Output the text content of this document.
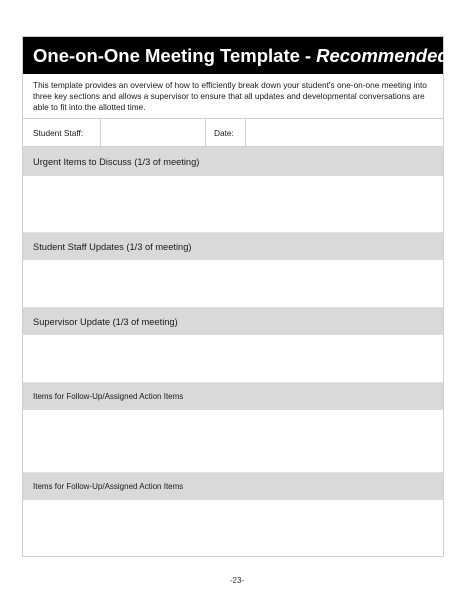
One-on-One Meeting Template - Recommended
This template provides an overview of how to efficiently break down your student's one-on-one meeting into three key sections and allows a supervisor to ensure that all updates and developmental conversations are able to fit into the allotted time.
Student Staff:	Date:
Urgent Items to Discuss (1/3 of meeting)
Student Staff Updates (1/3 of meeting)
Supervisor Update (1/3 of meeting)
Items for Follow-Up/Assigned Action Items
Items for Follow-Up/Assigned Action Items
-23-
